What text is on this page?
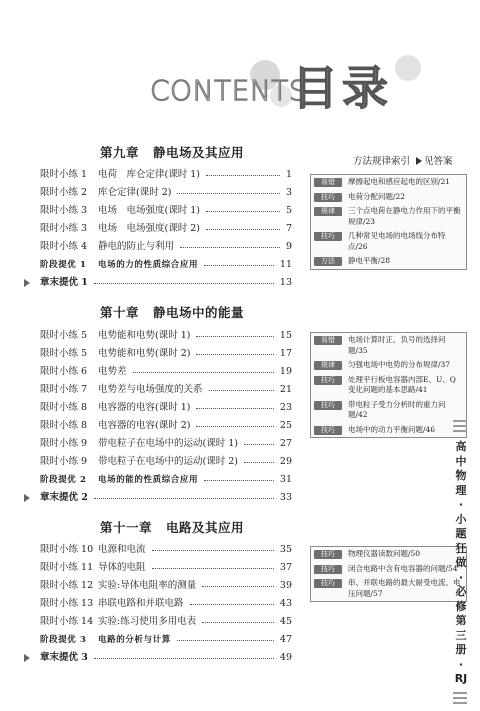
CONTENTS
目录
第九章 静电场及其应用
限时小练 1 电荷　库仑定律(课时 1)	1
限时小练 2 库仑定律(课时 2)	3
限时小练 3 电场　电场强度(课时 1)	5
限时小练 3 电场　电场强度(课时 2)	7
限时小练 4 静电的防止与利用	9
阶段提优 1 电场的力的性质综合应用	11
章末提优 1	13
第十章 静电场中的能量
限时小练 5 电势能和电势(课时 1)	15
限时小练 5 电势能和电势(课时 2)	17
限时小练 6 电势差	19
限时小练 7 电势差与电场强度的关系	21
限时小练 8 电容器的电容(课时 1)	23
限时小练 8 电容器的电容(课时 2)	25
限时小练 9 带电粒子在电场中的运动(课时 1)	27
限时小练 9 带电粒子在电场中的运动(课时 2)	29
阶段提优 2 电场的能的性质综合应用	31
章末提优 2	33
第十一章 电路及其应用
限时小练 10 电源和电流	35
限时小练 11 导体的电阻	37
限时小练 12 实验:导体电阻率的测量	39
限时小练 13 串联电路和并联电路	43
限时小练 14 实验:练习使用多用电表	45
阶段提优 3 电路的分析与计算	47
章末提优 3	49
方法规律索引 见答案
易错	摩擦起电和感应起电的区别/21
技巧	电荷分配问题/22
规律	三个点电荷在静电力作用下的平衡规律/23
技巧	几种常见电场的电场线分布特点/26
方法	静电平衡/28
易错	电场计算时正、负号的选择问题/35
规律	匀强电场中电势的分布规律/37
技巧	处理平行板电容器内部E、U、Q变化问题的基本思路/41
技巧	带电粒子受力分析时的重力问题/42
技巧	电场中的动力平衡问题/46
技巧	物理仪器读数问题/50
技巧	闭合电路中含有电容器的问题/54
技巧	串、并联电路的最大耐受电流、电压问题/57
高
中
物
理
·
小
题
狂
做
·
必
修
第
三
册
·
RJ
